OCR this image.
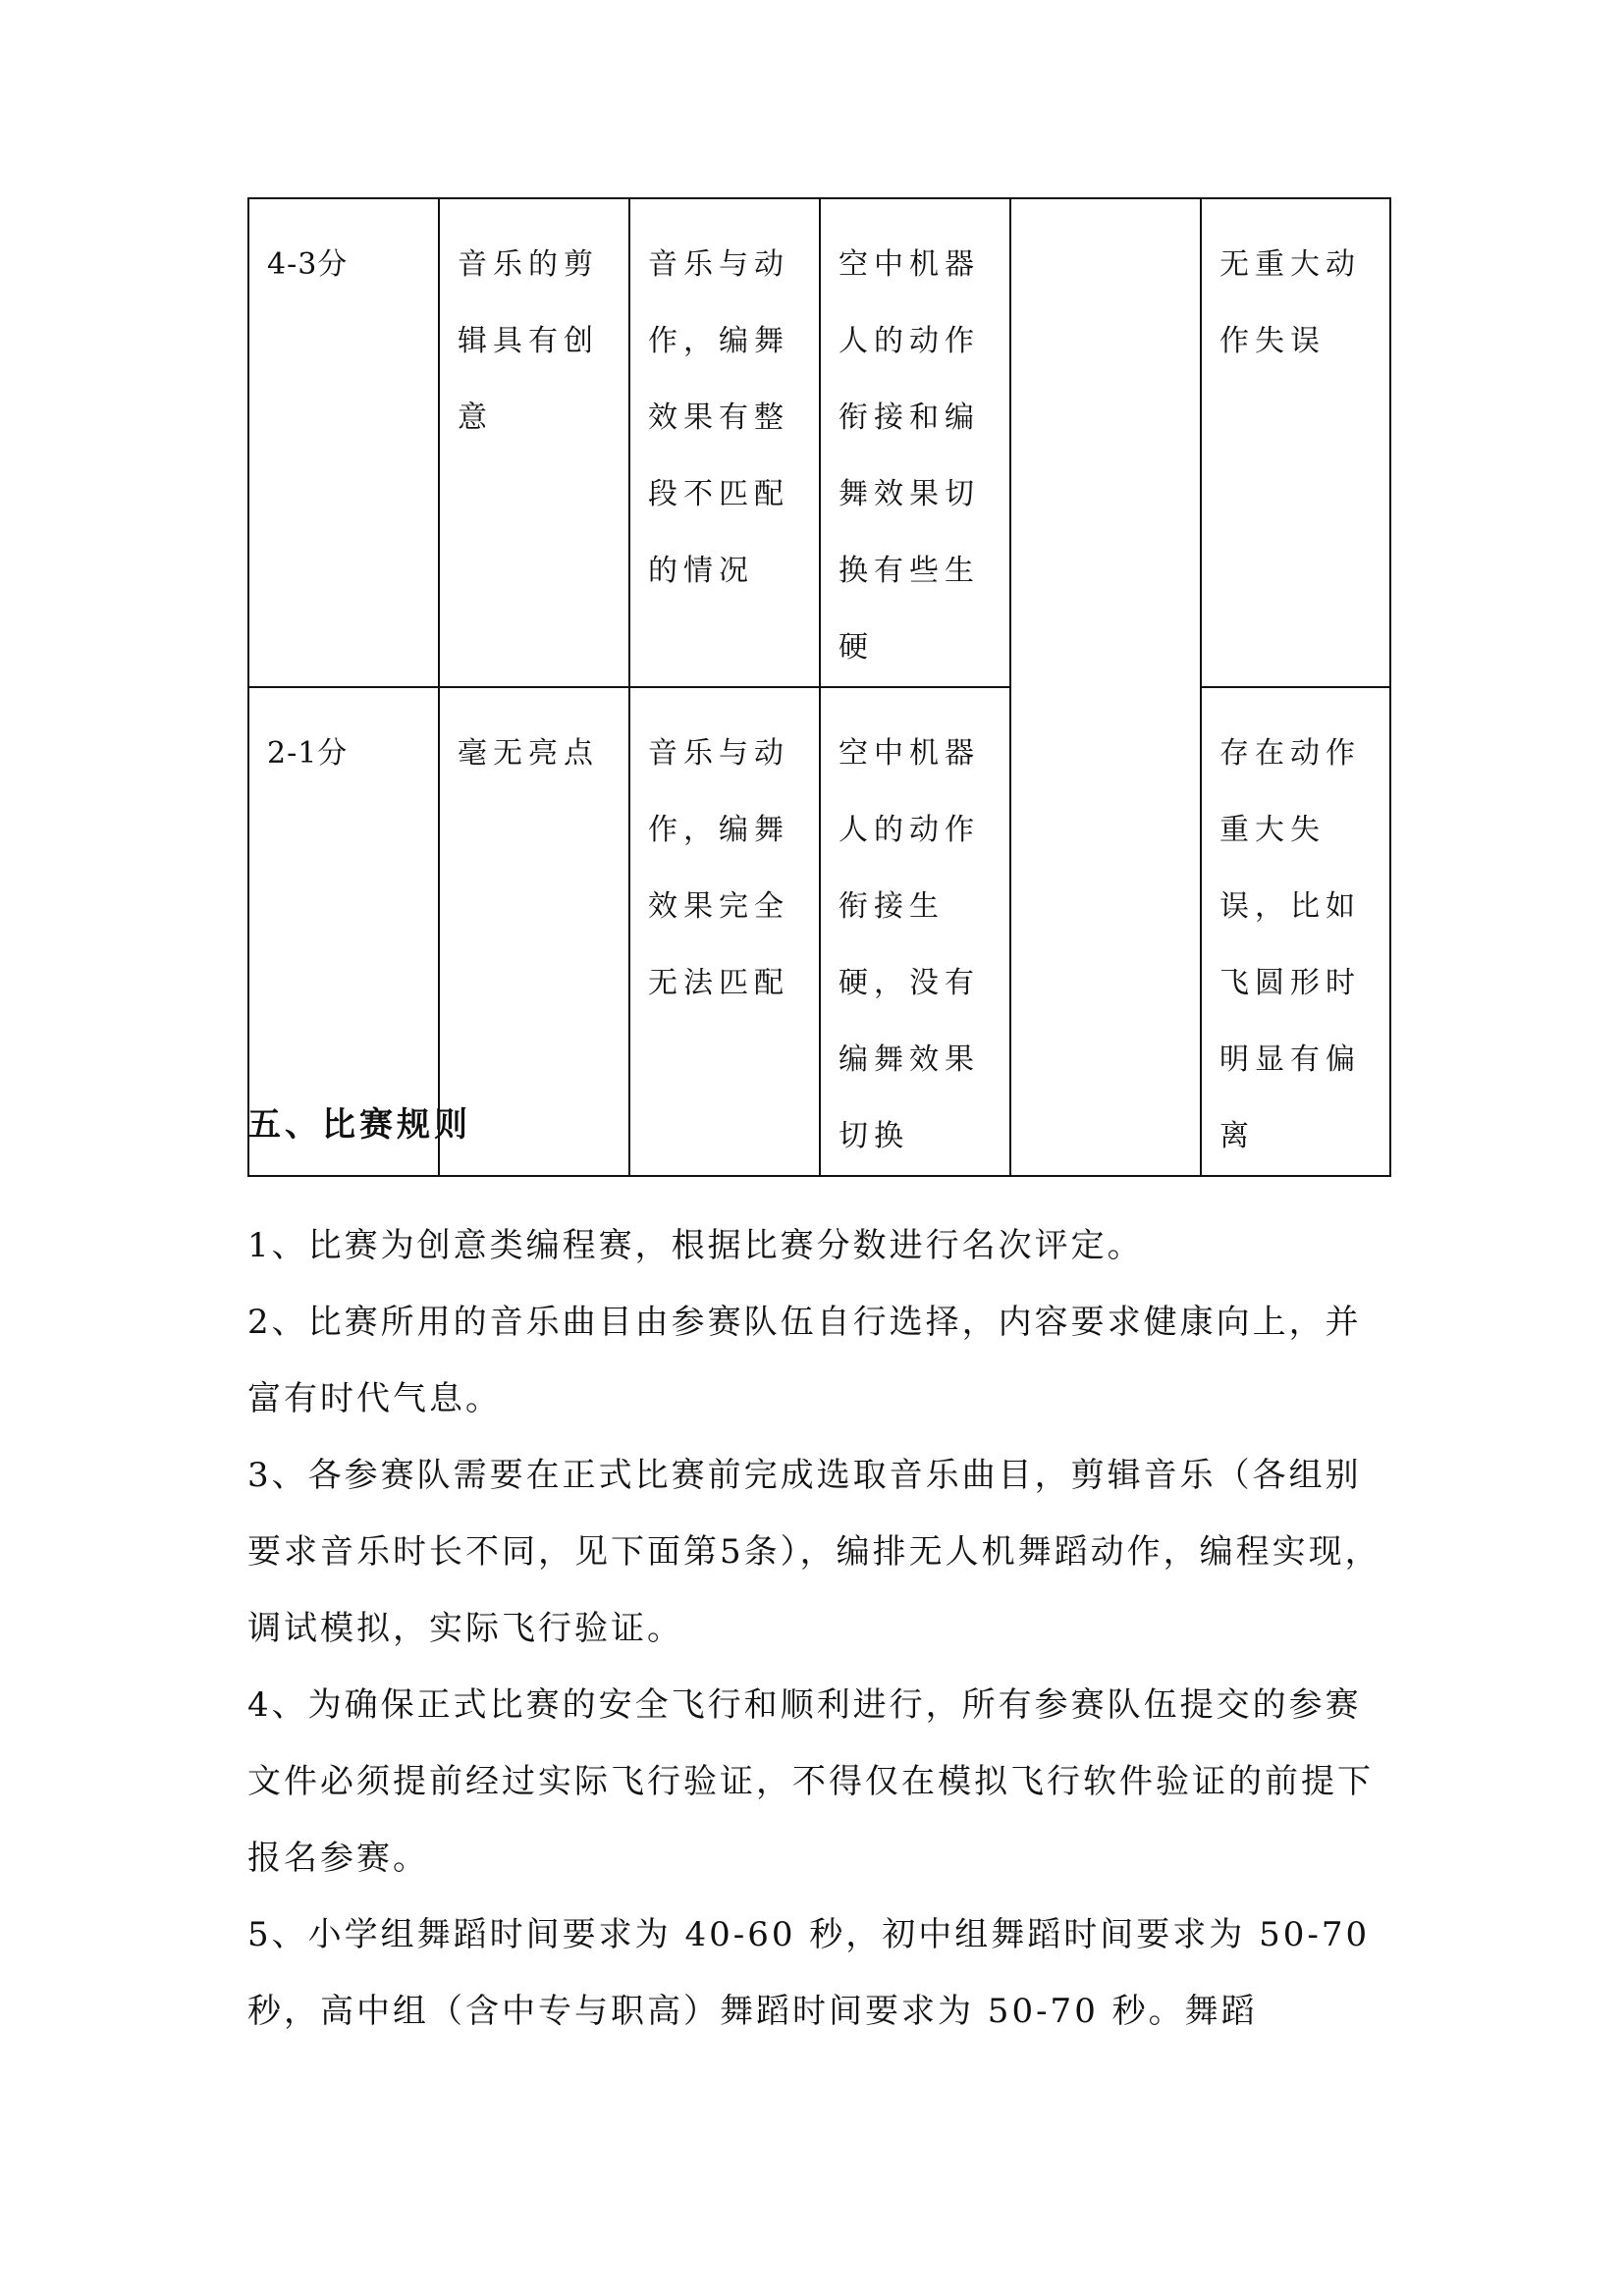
4-3分	音乐的剪辑具有创意	音乐与动作，编舞效果有整段不匹配的情况	空中机器人的动作衔接和编舞效果切换有些生硬		无重大动作失误

2-1分	毫无亮点	音乐与动作，编舞效果完全无法匹配	空中机器人的动作衔接生硬，没有编舞效果切换		存在动作重大失误，比如飞圆形时明显有偏离
五、比赛规则

1、比赛为创意类编程赛，根据比赛分数进行名次评定。

2、比赛所用的音乐曲目由参赛队伍自行选择，内容要求健康向上，并富有时代气息。

3、各参赛队需要在正式比赛前完成选取音乐曲目，剪辑音乐（各组别要求音乐时长不同，见下面第5条），编排无人机舞蹈动作，编程实现，调试模拟，实际飞行验证。

4、为确保正式比赛的安全飞行和顺利进行，所有参赛队伍提交的参赛文件必须提前经过实际飞行验证，不得仅在模拟飞行软件验证的前提下报名参赛。

5、小学组舞蹈时间要求为 40-60 秒，初中组舞蹈时间要求为 50-70 秒，高中组（含中专与职高）舞蹈时间要求为 50-70 秒。舞蹈
